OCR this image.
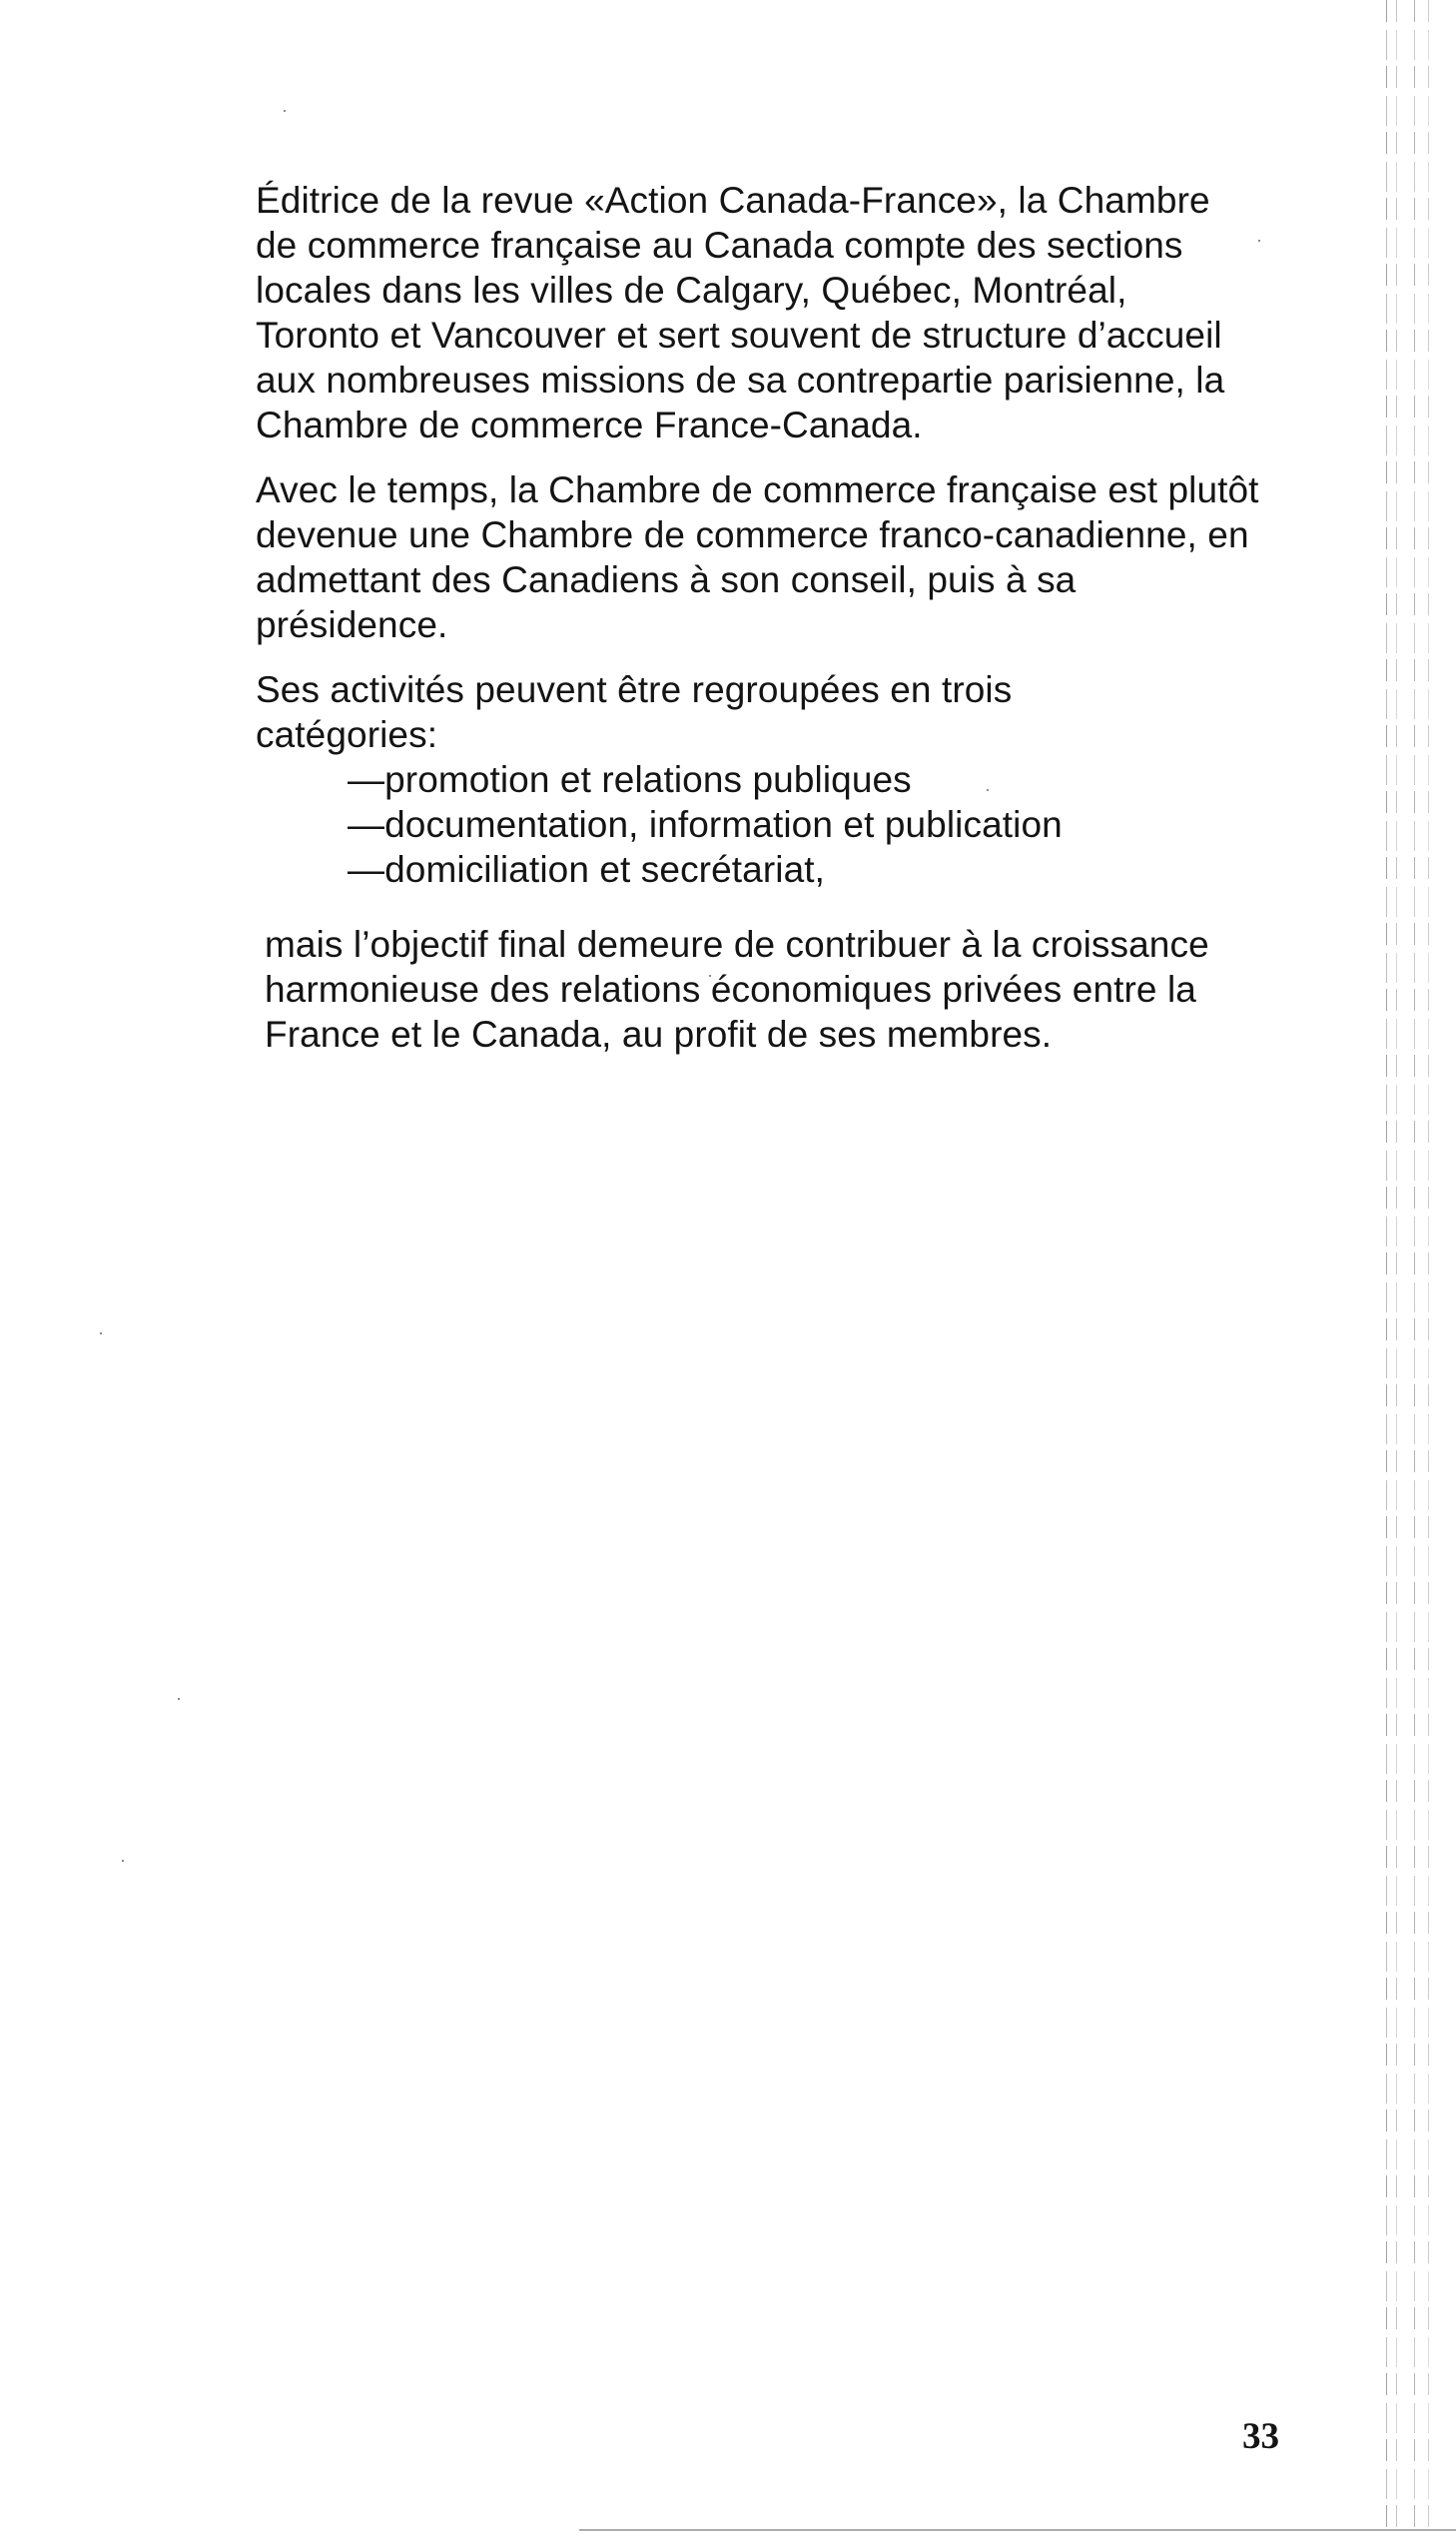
Éditrice de la revue «Action Canada-France», la Chambre de commerce française au Canada compte des sections locales dans les villes de Calgary, Québec, Montréal, Toronto et Vancouver et sert souvent de structure d’accueil aux nombreuses missions de sa contrepartie parisienne, la Chambre de commerce France-Canada.

Avec le temps, la Chambre de commerce française est plutôt devenue une Chambre de commerce franco-canadienne, en admettant des Canadiens à son conseil, puis à sa présidence.

Ses activités peuvent être regroupées en trois catégories:

—promotion et relations publiques
—documentation, information et publication
—domiciliation et secrétariat,

mais l’objectif final demeure de contribuer à la croissance harmonieuse des relations économiques privées entre la France et le Canada, au profit de ses membres.

33
